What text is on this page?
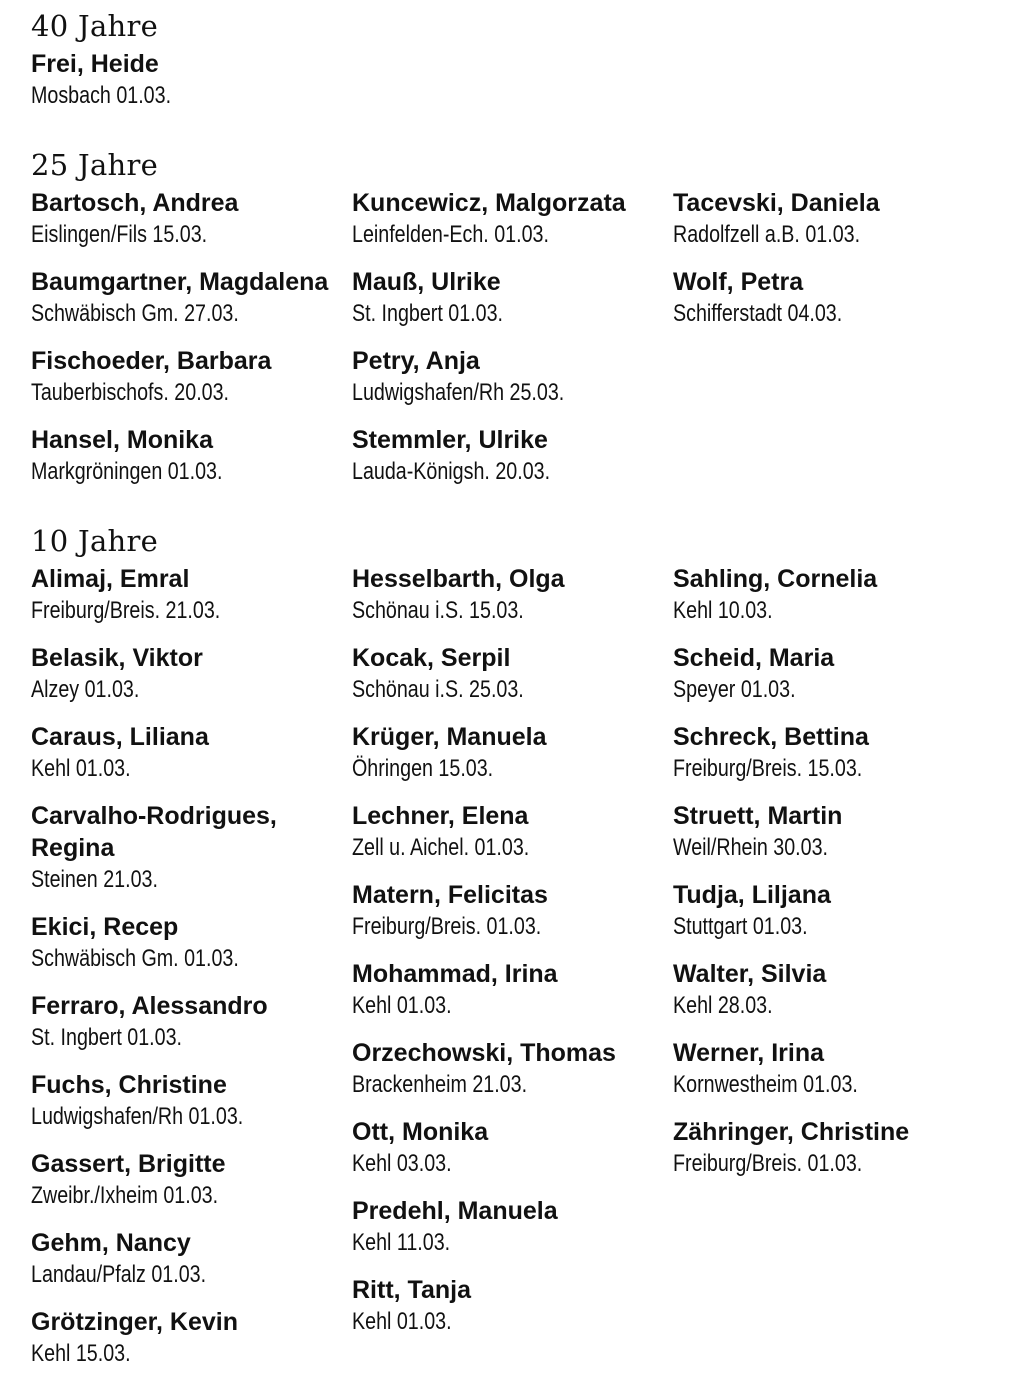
40 Jahre
Frei, Heide
Mosbach 01.03.
25 Jahre
Bartosch, Andrea
Eislingen/Fils 15.03.
Baumgartner, Magdalena
Schwäbisch Gm. 27.03.
Fischoeder, Barbara
Tauberbischofs. 20.03.
Hansel, Monika
Markgröningen 01.03.
Kuncewicz, Malgorzata
Leinfelden-Ech. 01.03.
Mauß, Ulrike
St. Ingbert 01.03.
Petry, Anja
Ludwigshafen/Rh 25.03.
Stemmler, Ulrike
Lauda-Königsh. 20.03.
Tacevski, Daniela
Radolfzell a.B. 01.03.
Wolf, Petra
Schifferstadt 04.03.
10 Jahre
Alimaj, Emral
Freiburg/Breis. 21.03.
Belasik, Viktor
Alzey 01.03.
Caraus, Liliana
Kehl 01.03.
Carvalho-Rodrigues,
Regina
Steinen 21.03.
Ekici, Recep
Schwäbisch Gm. 01.03.
Ferraro, Alessandro
St. Ingbert 01.03.
Fuchs, Christine
Ludwigshafen/Rh 01.03.
Gassert, Brigitte
Zweibr./Ixheim 01.03.
Gehm, Nancy
Landau/Pfalz 01.03.
Grötzinger, Kevin
Kehl 15.03.
Hesselbarth, Olga
Schönau i.S. 15.03.
Kocak, Serpil
Schönau i.S. 25.03.
Krüger, Manuela
Öhringen 15.03.
Lechner, Elena
Zell u. Aichel. 01.03.
Matern, Felicitas
Freiburg/Breis. 01.03.
Mohammad, Irina
Kehl 01.03.
Orzechowski, Thomas
Brackenheim 21.03.
Ott, Monika
Kehl 03.03.
Predehl, Manuela
Kehl 11.03.
Ritt, Tanja
Kehl 01.03.
Sahling, Cornelia
Kehl 10.03.
Scheid, Maria
Speyer 01.03.
Schreck, Bettina
Freiburg/Breis. 15.03.
Struett, Martin
Weil/Rhein 30.03.
Tudja, Liljana
Stuttgart 01.03.
Walter, Silvia
Kehl 28.03.
Werner, Irina
Kornwestheim 01.03.
Zähringer, Christine
Freiburg/Breis. 01.03.
